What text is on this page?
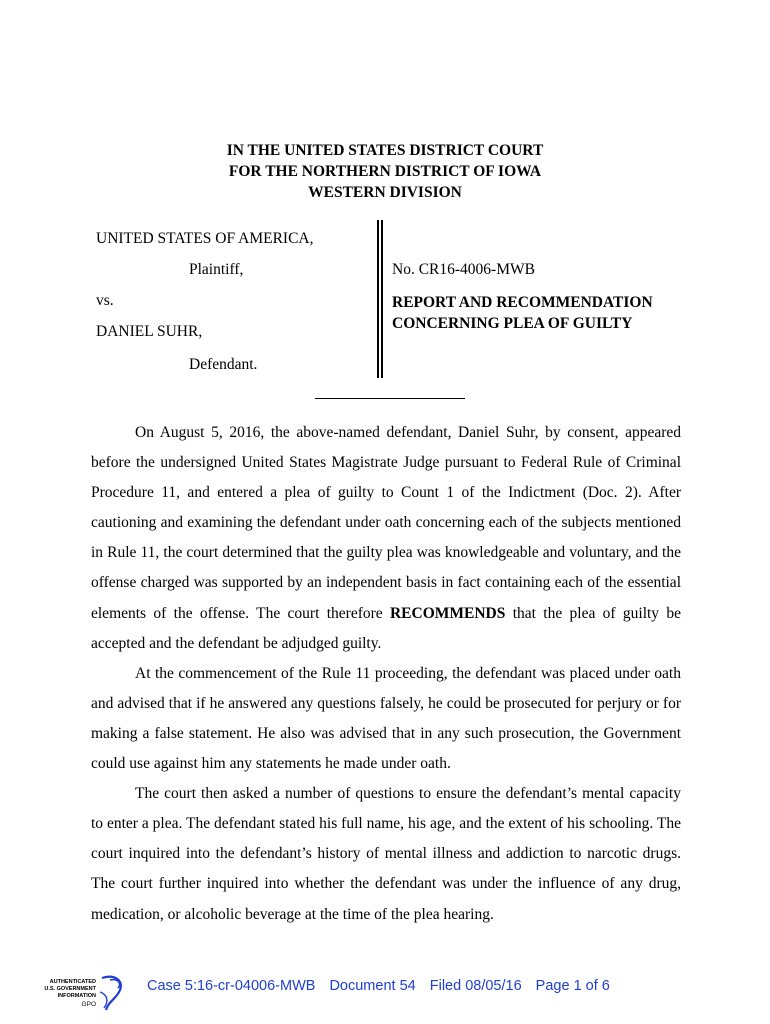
IN THE UNITED STATES DISTRICT COURT
FOR THE NORTHERN DISTRICT OF IOWA
WESTERN DIVISION
UNITED STATES OF AMERICA,
Plaintiff,
vs.
DANIEL SUHR,
Defendant.
No. CR16-4006-MWB
REPORT AND RECOMMENDATION
CONCERNING PLEA OF GUILTY

On August 5, 2016, the above-named defendant, Daniel Suhr, by consent, appeared before the undersigned United States Magistrate Judge pursuant to Federal Rule of Criminal Procedure 11, and entered a plea of guilty to Count 1 of the Indictment (Doc. 2). After cautioning and examining the defendant under oath concerning each of the subjects mentioned in Rule 11, the court determined that the guilty plea was knowledgeable and voluntary, and the offense charged was supported by an independent basis in fact containing each of the essential elements of the offense. The court therefore RECOMMENDS that the plea of guilty be accepted and the defendant be adjudged guilty.

At the commencement of the Rule 11 proceeding, the defendant was placed under oath and advised that if he answered any questions falsely, he could be prosecuted for perjury or for making a false statement. He also was advised that in any such prosecution, the Government could use against him any statements he made under oath.

The court then asked a number of questions to ensure the defendant’s mental capacity to enter a plea. The defendant stated his full name, his age, and the extent of his schooling. The court inquired into the defendant’s history of mental illness and addiction to narcotic drugs. The court further inquired into whether the defendant was under the influence of any drug, medication, or alcoholic beverage at the time of the plea hearing.

AUTHENTICATED
U.S. GOVERNMENT
INFORMATION
GPO
Case 5:16-cr-04006-MWB Document 54 Filed 08/05/16 Page 1 of 6
